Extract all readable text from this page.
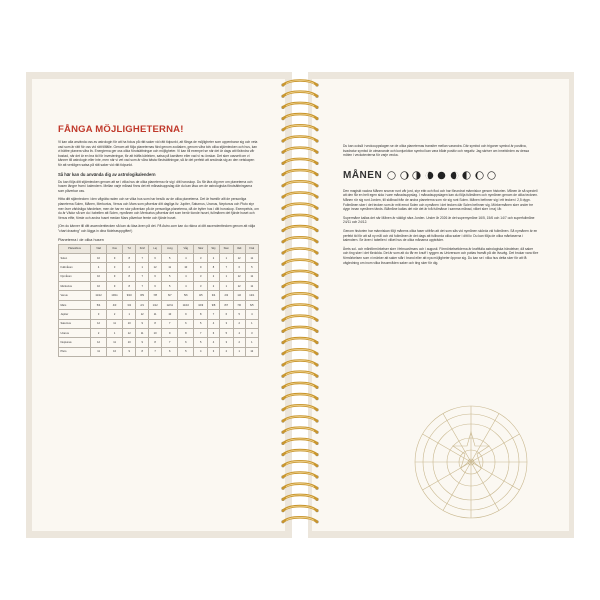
FÅNGA MÖJLIGHETERNA!

Vi kan alla använda oss av astrologin för att ha fokus på rätt saker vid rätt tidpunkt, att fånga de möjligheter som uppenbarar sig och veta vad som är rätt för oss vid rätt tillfälle. Genom att följa planeternas färd genom zodiaken, genom våra tolv olika stjärntecken och hus, kan vi bättre planera våra liv. Energierna ger oss olika förutsättningar och möjligheter. Vi kan till exempel se när det är dags att förändra vår bostad, när det är en bra tid för investeringar, för att träffa kärleken, satsa på karriären eller vad vi nu önskar. Det sker oavsett om vi känner till astrologin eller inte, men när vi vet vad som är våra bästa förutsättningar, så är det perfekt att använda sig av den vetskapen för att verkligen satsa på rätt saker vid rätt tidpunkt.

Så här kan du använda dig av astrologikalendern

Du kan följa ditt stjärntecken genom att se i vilka hus de olika planeterna rör sig i ditt horoskop. Du får lära dig mer om planeterna och husen längre fram i kalendern. Mellan varje månad finns det ett månadsuppslag där du kan läsa om de astrologiska förutsättningarna som påverkar oss.

Hitta ditt stjärntecken i den vågräta raden och se vilka hus som har besök av de olika planeterna. Det är framför allt de personliga planeterna Solen, Månen, Merkurius, Venus och Mars som påverkar ditt dagliga liv. Jupiter, Saturnus, Uranus, Neptunus och Pluto styr mer över världsliga händelser, men de har en stor påverkan på de personliga planeterna, då de bytter hus i ditt horoskop. Exempelvis, om du är Vädur så ser du i tabellen att Solen, nymånen och Merkurius påverkar det som berör tionde huset, fullmånen det fjärde huset och Venus elfte, förste och andra huset medan Mars påverkar femte och fjärde huset.

(Om du känner till ditt ascendenttecken så kan du läsa även på det. På Astro.com kan du räkna ut ditt ascendenttecken genom att välja "chart drawing" och lägga in dina födelseuppgifter!)

Planeterna i de olika husen
Planet/Hus	Väd	Oxe	Tvi	Kräf	Lej	Jung	Våg	Skor	Sky	Sten	Vatt	Fisk
Solen	10	9	8	7	6	5	4	3	2	1	12	11
Fullmånen	4	3	2	1	12	11	10	9	8	7	6	5
Nymånen	10	9	8	7	6	5	4	3	2	1	12	11
Merkurius	10	9	8	7	6	5	4	3	2	1	12	11
Venus	11/12	10/11	9/10	8/9	7/8	6/7	5/6	4/5	3/4	2/3	1/2	12/1
Mars	5/4	4/3	3/2	2/1	1/12	12/11	11/10	10/9	9/8	8/7	7/6	6/5
Jupiter	3	2	1	12	11	10	9	8	7	6	5	4
Saturnus	12	11	10	9	8	7	6	5	4	3	2	1
Uranus	2	1	12	11	10	9	8	7	6	5	4	3
Neptunus	12	11	10	9	8	7	6	5	4	3	2	1
Pluto	11	10	9	8	7	6	5	4	3	2	1	12

Du kan också i veckouppslagen se de olika planeternas transiter mellan varandra. Där symbol och trigoner symbol är positiva, kvadratur symbol är utmanande och konjunktion symbol kan vara både positiv och negativ. Jag skriver om innebörden av dessa möten i veckotexterna för varje vecka.

MÅNEN

Den magiskt vackra Månen snurrar runt vår jord, styr ebb och flod och har förundrat människor genom historien. Månen är så speciell att den får en helt egen sida i vare månadsuppslag. I månadsuppslagen kan du följa fullmånen och nymånen genom de olika tecknen. Månen rör sig runt Jorden, till skillnad från de andra planeterna som rör sig runt Solen. Månen befinner sig i ett tecken i 2,5 dygn. Fullmånen sker i det tecken som är mitt emot Solen och nymånen i det tecken där Solen befinner sig. Mörkermånen sker under tre dygn innan nymånen tänds. Blåmåne kallas det när det är två fullmånar i samma månad, vilket sker i maj i år.

Supermåne kallas det när Månen är väldigt nära Jorden. Under år 2026 är det supernymåne 16/5, 15/6 och 14/7 och superfullmåne 24/11 och 24/12.

Genom historien har människan följt månens olika faser utifrån att det som sås vid nymånen skörda vid fullmånen. Så nymånen är en perfekt tid för att så ny mål och vid fullmånen är det dags att fullborda olika saker i ditt liv. Du kan följa de olika månfaserna i kalendern. Se även i tabellen i vilket hus de olika månarna uppträder.

Årets sol- och månförmörkelser sker i februari/mars och i augusti. Förmörkelsetiderna är kraftfulla astrologiska händelser, då saker och ting sker i det fördolda. Det är som att du får en knuff i ryggen av Universum och puttas framåt på din livsväg. Det brukar vara före förmörkelsen som vi märker att saker står i brand eller att nya möjligheter öppnar sig. Du kan se i vilka hus detta sker för att få vägledning om inom vilka livsområden saker och ting sker för dig.
